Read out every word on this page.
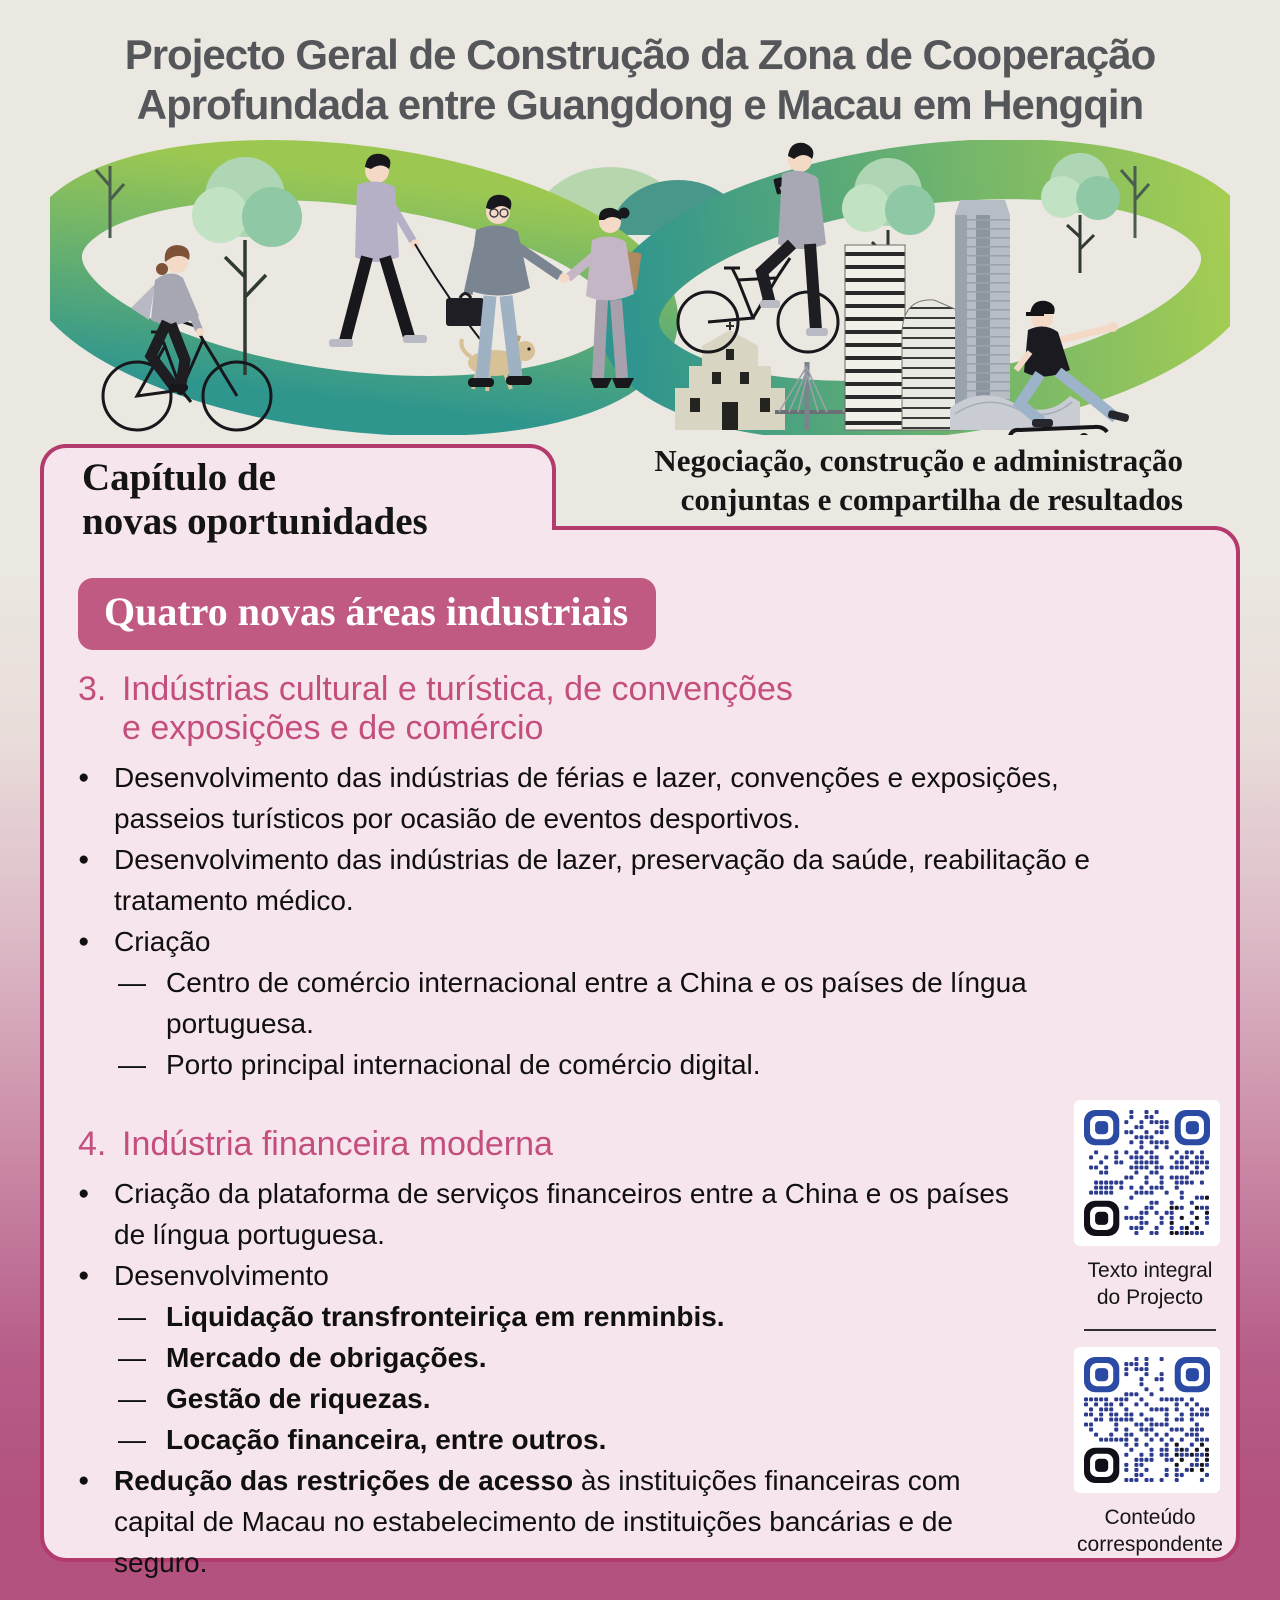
Projecto Geral de Construção da Zona de Cooperação
Aprofundada entre Guangdong e Macau em Hengqin
Negociação, construção e administração
conjuntas e compartilha de resultados
Capítulo de
novas oportunidades
Quatro novas áreas industriais
3. Indústrias cultural e turística, de convenções
e exposições e de comércio
● Desenvolvimento das indústrias de férias e lazer, convenções e exposições, passeios turísticos por ocasião de eventos desportivos.
● Desenvolvimento das indústrias de lazer, preservação da saúde, reabilitação e tratamento médico.
● Criação
— Centro de comércio internacional entre a China e os países de língua portuguesa.
— Porto principal internacional de comércio digital.
4. Indústria financeira moderna
● Criação da plataforma de serviços financeiros entre a China e os países de língua portuguesa.
● Desenvolvimento
— Liquidação transfronteiriça em renminbis.
— Mercado de obrigações.
— Gestão de riquezas.
— Locação financeira, entre outros.
● Redução das restrições de acesso às instituições financeiras com capital de Macau no estabelecimento de instituições bancárias e de seguro.
Texto integral
do Projecto
Conteúdo
correspondente
